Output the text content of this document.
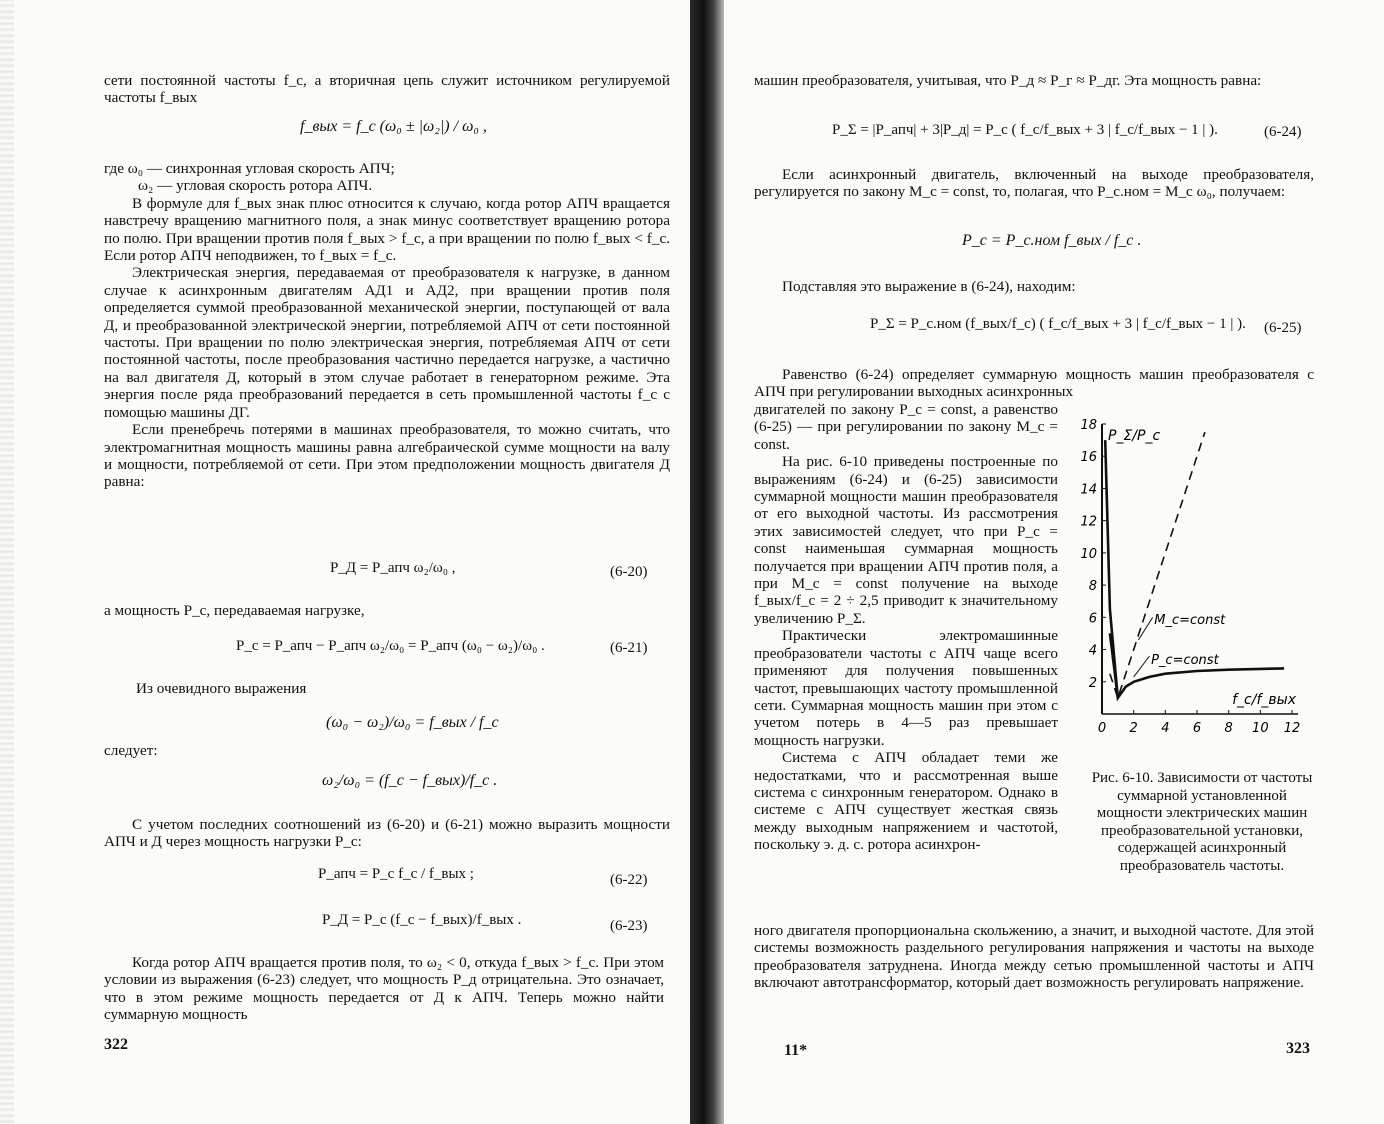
сети постоянной частоты f_c, а вторичная цепь служит источником регулируемой частоты f_вых

f_вых = f_c (ω₀ ± |ω₂|) / ω₀ ,

где ω₀ — синхронная угловая скорость АПЧ;

ω₂ — угловая скорость ротора АПЧ.

В формуле для f_вых знак плюс относится к случаю, когда ротор АПЧ вращается навстречу вращению магнитного поля, а знак минус соответствует вращению ротора по полю. При вращении против поля f_вых > f_c, а при вращении по полю f_вых < f_c. Если ротор АПЧ неподвижен, то f_вых = f_c.

Электрическая энергия, передаваемая от преобразователя к нагрузке, в данном случае к асинхронным двигателям АД1 и АД2, при вращении против поля определяется суммой преобразованной механической энергии, поступающей от вала Д, и преобразованной электрической энергии, потребляемой АПЧ от сети постоянной частоты. При вращении по полю электрическая энергия, потребляемая АПЧ от сети постоянной частоты, после преобразования частично передается нагрузке, а частично на вал двигателя Д, который в этом случае работает в генераторном режиме. Эта энергия после ряда преобразований передается в сеть промышленной частоты f_c с помощью машины ДГ.

Если пренебречь потерями в машинах преобразователя, то можно считать, что электромагнитная мощность машины равна алгебраической сумме мощности на валу и мощности, потребляемой от сети. При этом предположении мощность двигателя Д равна:

P_Д = P_апч ω₂/ω₀ ,	(6-20)

а мощность P_c, передаваемая нагрузке,

P_c = P_апч − P_апч ω₂/ω₀ = P_апч (ω₀ − ω₂)/ω₀ .	(6-21)

Из очевидного выражения

(ω₀ − ω₂)/ω₀ = f_вых / f_c

следует:

ω₂/ω₀ = (f_c − f_вых)/f_c .

С учетом последних соотношений из (6-20) и (6-21) можно выразить мощности АПЧ и Д через мощность нагрузки P_c:

P_апч = P_c f_c / f_вых ;	(6-22)
P_Д = P_c (f_c − f_вых)/f_вых .	(6-23)

Когда ротор АПЧ вращается против поля, то ω₂ < 0, откуда f_вых > f_c. При этом условии из выражения (6-23) следует, что мощность P_д отрицательна. Это означает, что в этом режиме мощность передается от Д к АПЧ. Теперь можно найти суммарную мощность

322

машин преобразователя, учитывая, что P_д ≈ P_г ≈ P_дг. Эта мощность равна:

P_Σ = |P_апч| + 3|P_д| = P_c ( f_c/f_вых + 3 | f_c/f_вых − 1 | ).	(6-24)

Если асинхронный двигатель, включенный на выходе преобразователя, регулируется по закону M_c = const, то, полагая, что P_c.ном = M_c ω₀, получаем:

P_c = P_c.ном f_вых / f_c .

Подставляя это выражение в (6-24), находим:

P_Σ = P_c.ном (f_вых/f_c) ( f_c/f_вых + 3 | f_c/f_вых − 1 | ). (6-25)

Равенство (6-24) определяет суммарную мощность машин преобразователя с АПЧ при регулировании выходных асинхронных

двигателей по закону P_c = const, а равенство (6-25) — при регулировании по закону M_c = const.

На рис. 6-10 приведены построенные по выражениям (6-24) и (6-25) зависимости суммарной мощности машин преобразователя от его выходной частоты. Из рассмотрения этих зависимостей следует, что при P_c = const наименьшая суммарная мощность получается при вращении АПЧ против поля, а при M_c = const получение на выходе f_вых/f_c = 2 ÷ 2,5 приводит к значительному увеличению P_Σ.

Практически электромашинные преобразователи частоты с АПЧ чаще всего применяют для получения повышенных частот, превышающих частоту промышленной сети. Суммарная мощность машин при этом с учетом потерь в 4—5 раз превышает мощность нагрузки.

Система с АПЧ обладает теми же недостатками, что и рассмотренная выше система с синхронным генератором. Однако в системе с АПЧ существует жесткая связь между выходным напряжением и частотой, поскольку э. д. с. ротора асинхрон-

ного двигателя пропорциональна скольжению, а значит, и выходной частоте. Для этой системы возможность раздельного регулирования напряжения и частоты на выходе преобразователя затруднена. Иногда между сетью промышленной частоты и АПЧ включают автотрансформатор, который дает возможность регулировать напряжение.

0 2 4 6 8 10 12
2
4
6
8
10
12
14
16
18
P_Σ/P_c
f_c/f_вых
M_c=const
P_c=const
Рис. 6-10. Зависимости от частоты суммарной установленной мощности электрических машин преобразовательной установки, содержащей асинхронный преобразователь частоты.
11*	323
